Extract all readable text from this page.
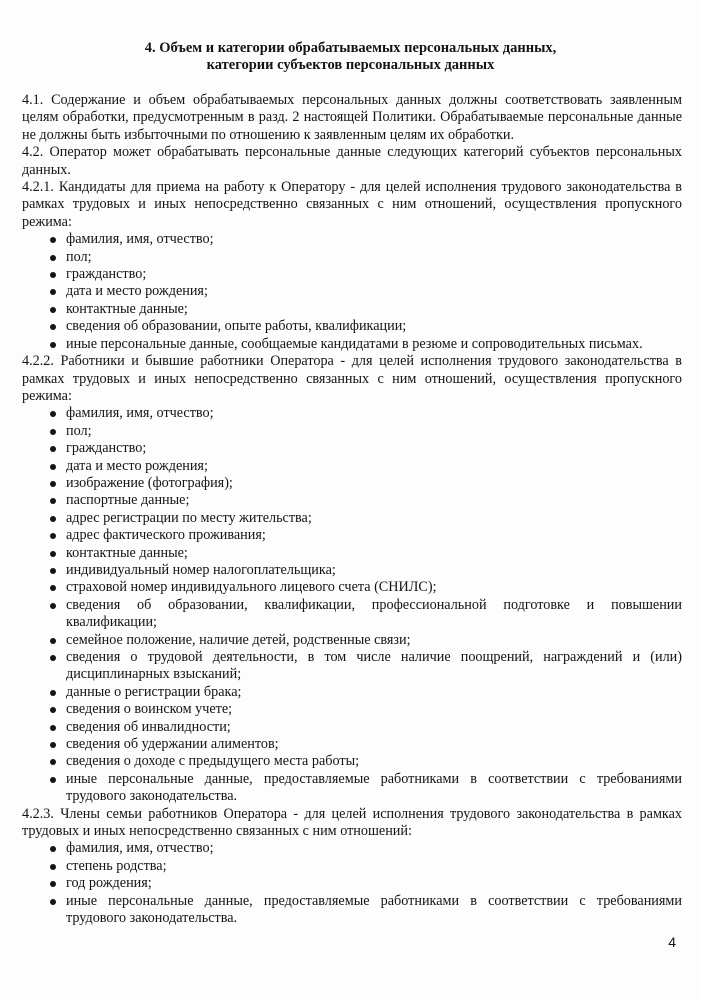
4. Объем и категории обрабатываемых персональных данных,
категории субъектов персональных данных

4.1. Содержание и объем обрабатываемых персональных данных должны соответствовать заявленным целям обработки, предусмотренным в разд. 2 настоящей Политики. Обрабатываемые персональные данные не должны быть избыточными по отношению к заявленным целям их обработки.

4.2. Оператор может обрабатывать персональные данные следующих категорий субъектов персональных данных.

4.2.1. Кандидаты для приема на работу к Оператору - для целей исполнения трудового законодательства в рамках трудовых и иных непосредственно связанных с ним отношений, осуществления пропускного режима:

фамилия, имя, отчество;
пол;
гражданство;
дата и место рождения;
контактные данные;
сведения об образовании, опыте работы, квалификации;
иные персональные данные, сообщаемые кандидатами в резюме и сопроводительных письмах.

4.2.2. Работники и бывшие работники Оператора - для целей исполнения трудового законодательства в рамках трудовых и иных непосредственно связанных с ним отношений, осуществления пропускного режима:

фамилия, имя, отчество;
пол;
гражданство;
дата и место рождения;
изображение (фотография);
паспортные данные;
адрес регистрации по месту жительства;
адрес фактического проживания;
контактные данные;
индивидуальный номер налогоплательщика;
страховой номер индивидуального лицевого счета (СНИЛС);
сведения об образовании, квалификации, профессиональной подготовке и повышении квалификации;
семейное положение, наличие детей, родственные связи;
сведения о трудовой деятельности, в том числе наличие поощрений, награждений и (или) дисциплинарных взысканий;
данные о регистрации брака;
сведения о воинском учете;
сведения об инвалидности;
сведения об удержании алиментов;
сведения о доходе с предыдущего места работы;
иные персональные данные, предоставляемые работниками в соответствии с требованиями трудового законодательства.

4.2.3. Члены семьи работников Оператора - для целей исполнения трудового законодательства в рамках трудовых и иных непосредственно связанных с ним отношений:

фамилия, имя, отчество;
степень родства;
год рождения;
иные персональные данные, предоставляемые работниками в соответствии с требованиями трудового законодательства.
4
